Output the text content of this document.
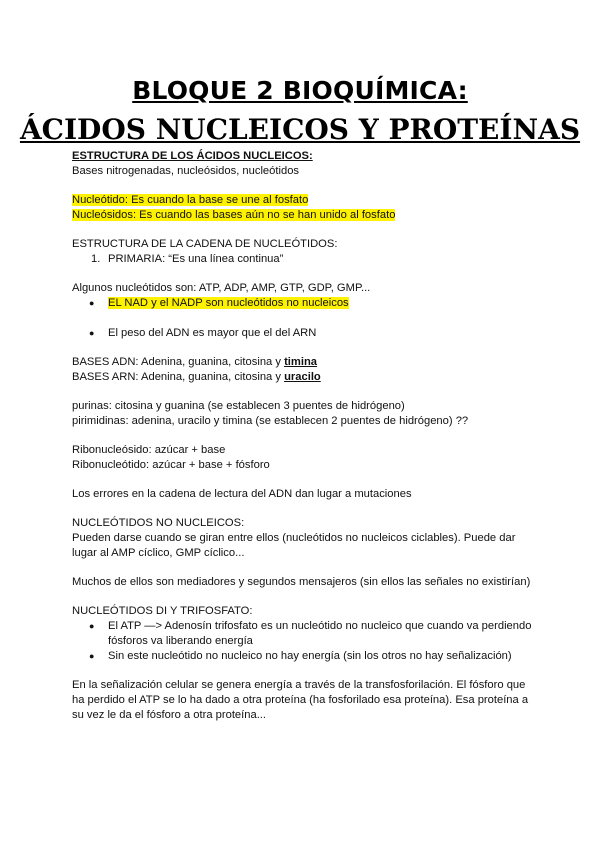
BLOQUE 2 BIOQUÍMICA:
ÁCIDOS NUCLEICOS Y PROTEÍNAS
ESTRUCTURA DE LOS ÁCIDOS NUCLEICOS:
Bases nitrogenadas, nucleósidos, nucleótidos
Nucleótido: Es cuando la base se une al fosfato
Nucleósidos: Es cuando las bases aún no se han unido al fosfato
ESTRUCTURA DE LA CADENA DE NUCLEÓTIDOS:
1. PRIMARIA: “Es una línea continua”
Algunos nucleótidos son: ATP, ADP, AMP, GTP, GDP, GMP...
● EL NAD y el NADP son nucleótidos no nucleicos
● El peso del ADN es mayor que el del ARN
BASES ADN: Adenina, guanina, citosina y timina
BASES ARN: Adenina, guanina, citosina y uracilo
purinas: citosina y guanina (se establecen 3 puentes de hidrógeno)
pirimidinas: adenina, uracilo y timina (se establecen 2 puentes de hidrógeno) ??
Ribonucleósido: azúcar + base
Ribonucleótido: azúcar + base + fósforo
Los errores en la cadena de lectura del ADN dan lugar a mutaciones
NUCLEÓTIDOS NO NUCLEICOS:
Pueden darse cuando se giran entre ellos (nucleótidos no nucleicos ciclables). Puede dar
lugar al AMP cíclico, GMP cíclico...
Muchos de ellos son mediadores y segundos mensajeros (sin ellos las señales no existirían)
NUCLEÓTIDOS DI Y TRIFOSFATO:
● El ATP —> Adenosín trifosfato es un nucleótido no nucleico que cuando va perdiendo
fósforos va liberando energía
● Sin este nucleótido no nucleico no hay energía (sin los otros no hay señalización)
En la señalización celular se genera energía a través de la transfosforilación. El fósforo que
ha perdido el ATP se lo ha dado a otra proteína (ha fosforilado esa proteína). Esa proteína a
su vez le da el fósforo a otra proteína...
